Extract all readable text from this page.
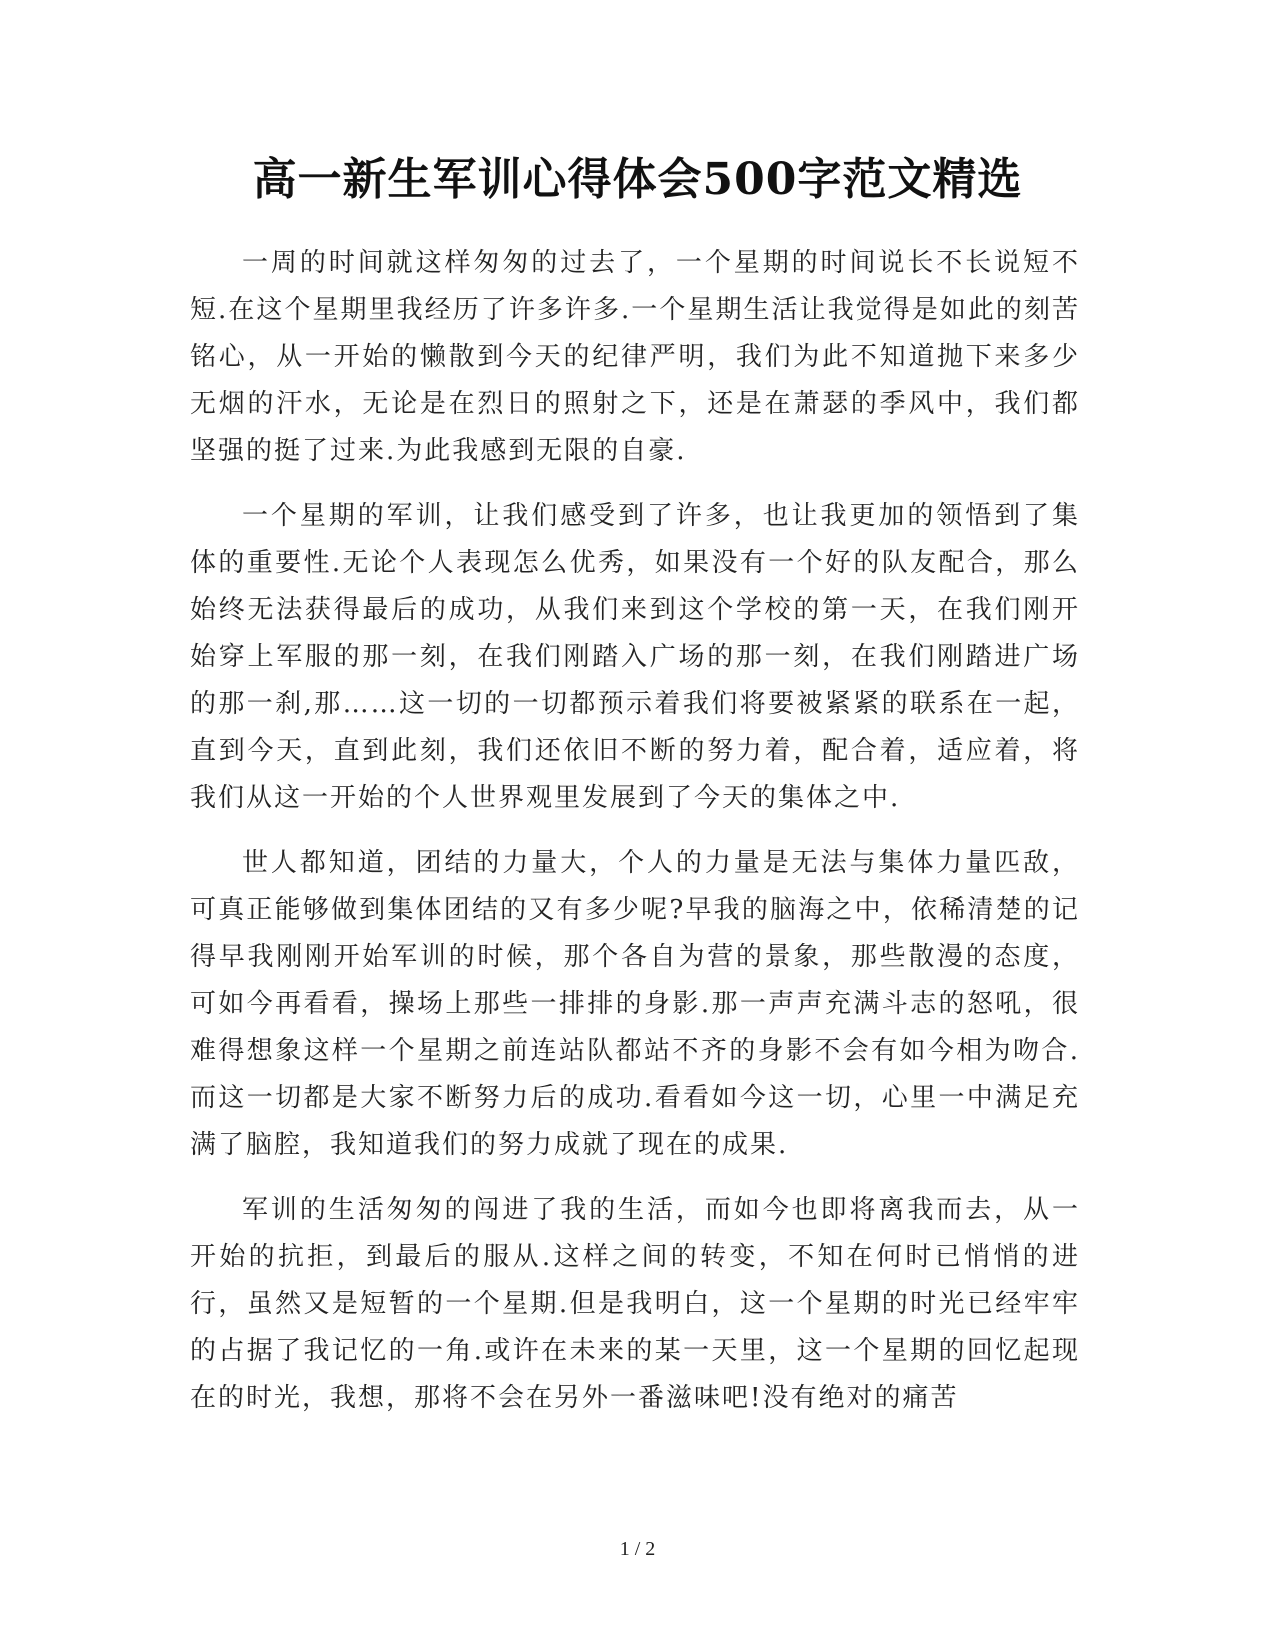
高一新生军训心得体会500字范文精选

一周的时间就这样匆匆的过去了，一个星期的时间说长不长说短不短.在这个星期里我经历了许多许多.一个星期生活让我觉得是如此的刻苦铭心，从一开始的懒散到今天的纪律严明，我们为此不知道抛下来多少无烟的汗水，无论是在烈日的照射之下，还是在萧瑟的季风中，我们都坚强的挺了过来.为此我感到无限的自豪.

一个星期的军训，让我们感受到了许多，也让我更加的领悟到了集体的重要性.无论个人表现怎么优秀，如果没有一个好的队友配合，那么始终无法获得最后的成功，从我们来到这个学校的第一天，在我们刚开始穿上军服的那一刻，在我们刚踏入广场的那一刻，在我们刚踏进广场的那一刹,那……这一切的一切都预示着我们将要被紧紧的联系在一起，直到今天，直到此刻，我们还依旧不断的努力着，配合着，适应着，将我们从这一开始的个人世界观里发展到了今天的集体之中.

世人都知道，团结的力量大，个人的力量是无法与集体力量匹敌，可真正能够做到集体团结的又有多少呢?早我的脑海之中，依稀清楚的记得早我刚刚开始军训的时候，那个各自为营的景象，那些散漫的态度，可如今再看看，操场上那些一排排的身影.那一声声充满斗志的怒吼，很难得想象这样一个星期之前连站队都站不齐的身影不会有如今相为吻合.而这一切都是大家不断努力后的成功.看看如今这一切，心里一中满足充满了脑腔，我知道我们的努力成就了现在的成果.

军训的生活匆匆的闯进了我的生活，而如今也即将离我而去，从一开始的抗拒，到最后的服从.这样之间的转变，不知在何时已悄悄的进行，虽然又是短暂的一个星期.但是我明白，这一个星期的时光已经牢牢的占据了我记忆的一角.或许在未来的某一天里，这一个星期的回忆起现在的时光，我想，那将不会在另外一番滋味吧!没有绝对的痛苦

1 / 2
